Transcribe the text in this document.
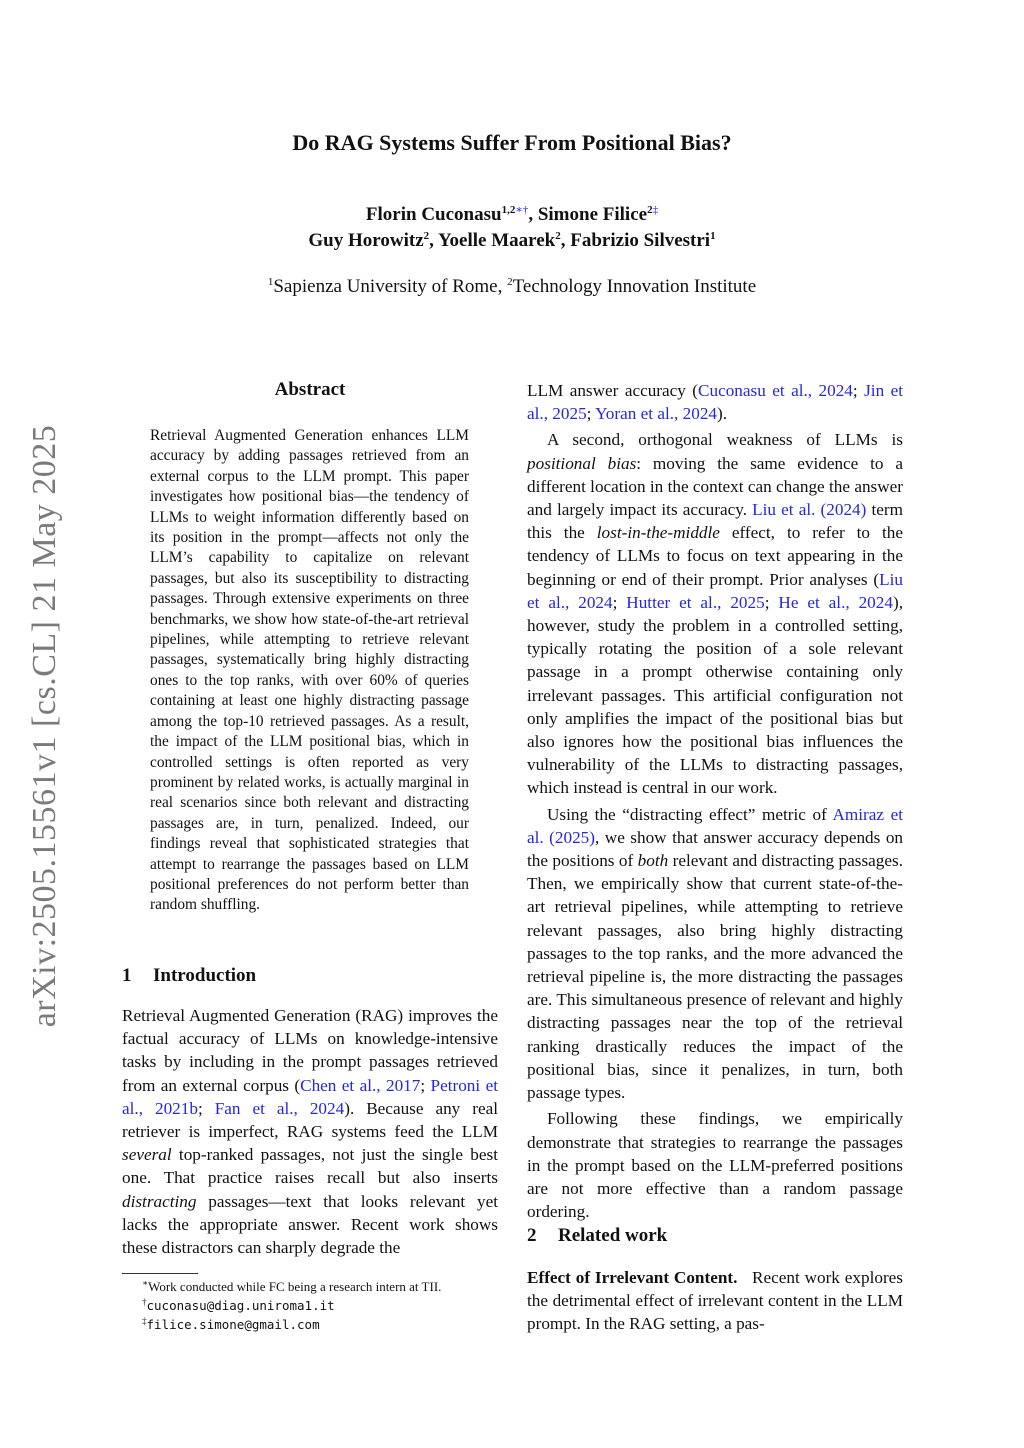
arXiv:2505.15561v1 [cs.CL] 21 May 2025
Do RAG Systems Suffer From Positional Bias?
Florin Cuconasu$^{1,2∗\dagger}$, Simone Filice$^{2\ddagger}$
Guy Horowitz$^2$, Yoelle Maarek$^2$, Fabrizio Silvestri$^1$
$^1$Sapienza University of Rome, $^2$Technology Innovation Institute
Abstract
Retrieval Augmented Generation enhances LLM accuracy by adding passages retrieved from an external corpus to the LLM prompt. This paper investigates how positional bias—the tendency of LLMs to weight information differently based on its position in the prompt—affects not only the LLM’s capability to capitalize on relevant passages, but also its susceptibility to distracting passages. Through extensive experiments on three benchmarks, we show how state-of-the-art retrieval pipelines, while attempting to retrieve relevant passages, systematically bring highly distracting ones to the top ranks, with over 60% of queries containing at least one highly distracting passage among the top-10 retrieved passages. As a result, the impact of the LLM positional bias, which in controlled settings is often reported as very prominent by related works, is actually marginal in real scenarios since both relevant and distracting passages are, in turn, penalized. Indeed, our findings reveal that sophisticated strategies that attempt to rearrange the passages based on LLM positional preferences do not perform better than random shuffling.
1 Introduction

Retrieval Augmented Generation (RAG) improves the factual accuracy of LLMs on knowledge-intensive tasks by including in the prompt passages retrieved from an external corpus (Chen et al., 2017; Petroni et al., 2021b; Fan et al., 2024). Because any real retriever is imperfect, RAG systems feed the LLM several top-ranked passages, not just the single best one. That practice raises recall but also inserts distracting passages—text that looks relevant yet lacks the appropriate answer. Recent work shows these distractors can sharply degrade the

LLM answer accuracy (Cuconasu et al., 2024; Jin et al., 2025; Yoran et al., 2024).

A second, orthogonal weakness of LLMs is positional bias: moving the same evidence to a different location in the context can change the answer and largely impact its accuracy. Liu et al. (2024) term this the lost-in-the-middle effect, to refer to the tendency of LLMs to focus on text appearing in the beginning or end of their prompt. Prior analyses (Liu et al., 2024; Hutter et al., 2025; He et al., 2024), however, study the problem in a controlled setting, typically rotating the position of a sole relevant passage in a prompt otherwise containing only irrelevant passages. This artificial configuration not only amplifies the impact of the positional bias but also ignores how the positional bias influences the vulnerability of the LLMs to distracting passages, which instead is central in our work.

Using the “distracting effect” metric of Amiraz et al. (2025), we show that answer accuracy depends on the positions of both relevant and distracting passages. Then, we empirically show that current state-of-the-art retrieval pipelines, while attempting to retrieve relevant passages, also bring highly distracting passages to the top ranks, and the more advanced the retrieval pipeline is, the more distracting the passages are. This simultaneous presence of relevant and highly distracting passages near the top of the retrieval ranking drastically reduces the impact of the positional bias, since it penalizes, in turn, both passage types.

Following these findings, we empirically demonstrate that strategies to rearrange the passages in the prompt based on the LLM-preferred positions are not more effective than a random passage ordering.

2 Related work

Effect of Irrelevant Content. Recent work explores the detrimental effect of irrelevant content in the LLM prompt. In the RAG setting, a pas-

∗Work conducted while FC being a research intern at TII.
†cuconasu@diag.uniroma1.it
‡filice.simone@gmail.com
